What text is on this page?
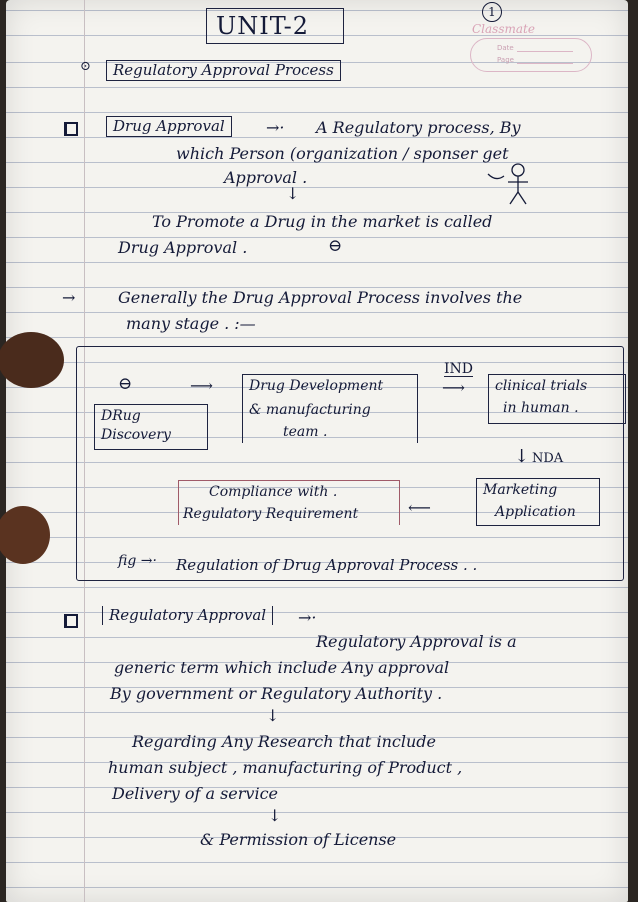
UNIT-2	1
Classmate
Date
Page
⊙	Regulatory Approval Process
Drug Approval	→· A Regulatory process, By
which Person (organization / sponser get
Approval .
↓
To Promote a Drug in the market is called
Drug Approval .	⊖
→	Generally the Drug Approval Process involves the
many stage . :—
⊖	⟶
DRug Discovery
Drug Development
& manufacturing
team .
IND
⟶ clinical trials
in human .
↓ NDA
Marketing
Application
Compliance with .
Regulatory Requirement	⟵
fig →· Regulation of Drug Approval Process . .
Regulatory Approval	→·
Regulatory Approval is a
generic term which include Any approval
By government or Regulatory Authority .
↓
Regarding Any Research that include
human subject , manufacturing of Product ,
Delivery of a service
↓
& Permission of License
